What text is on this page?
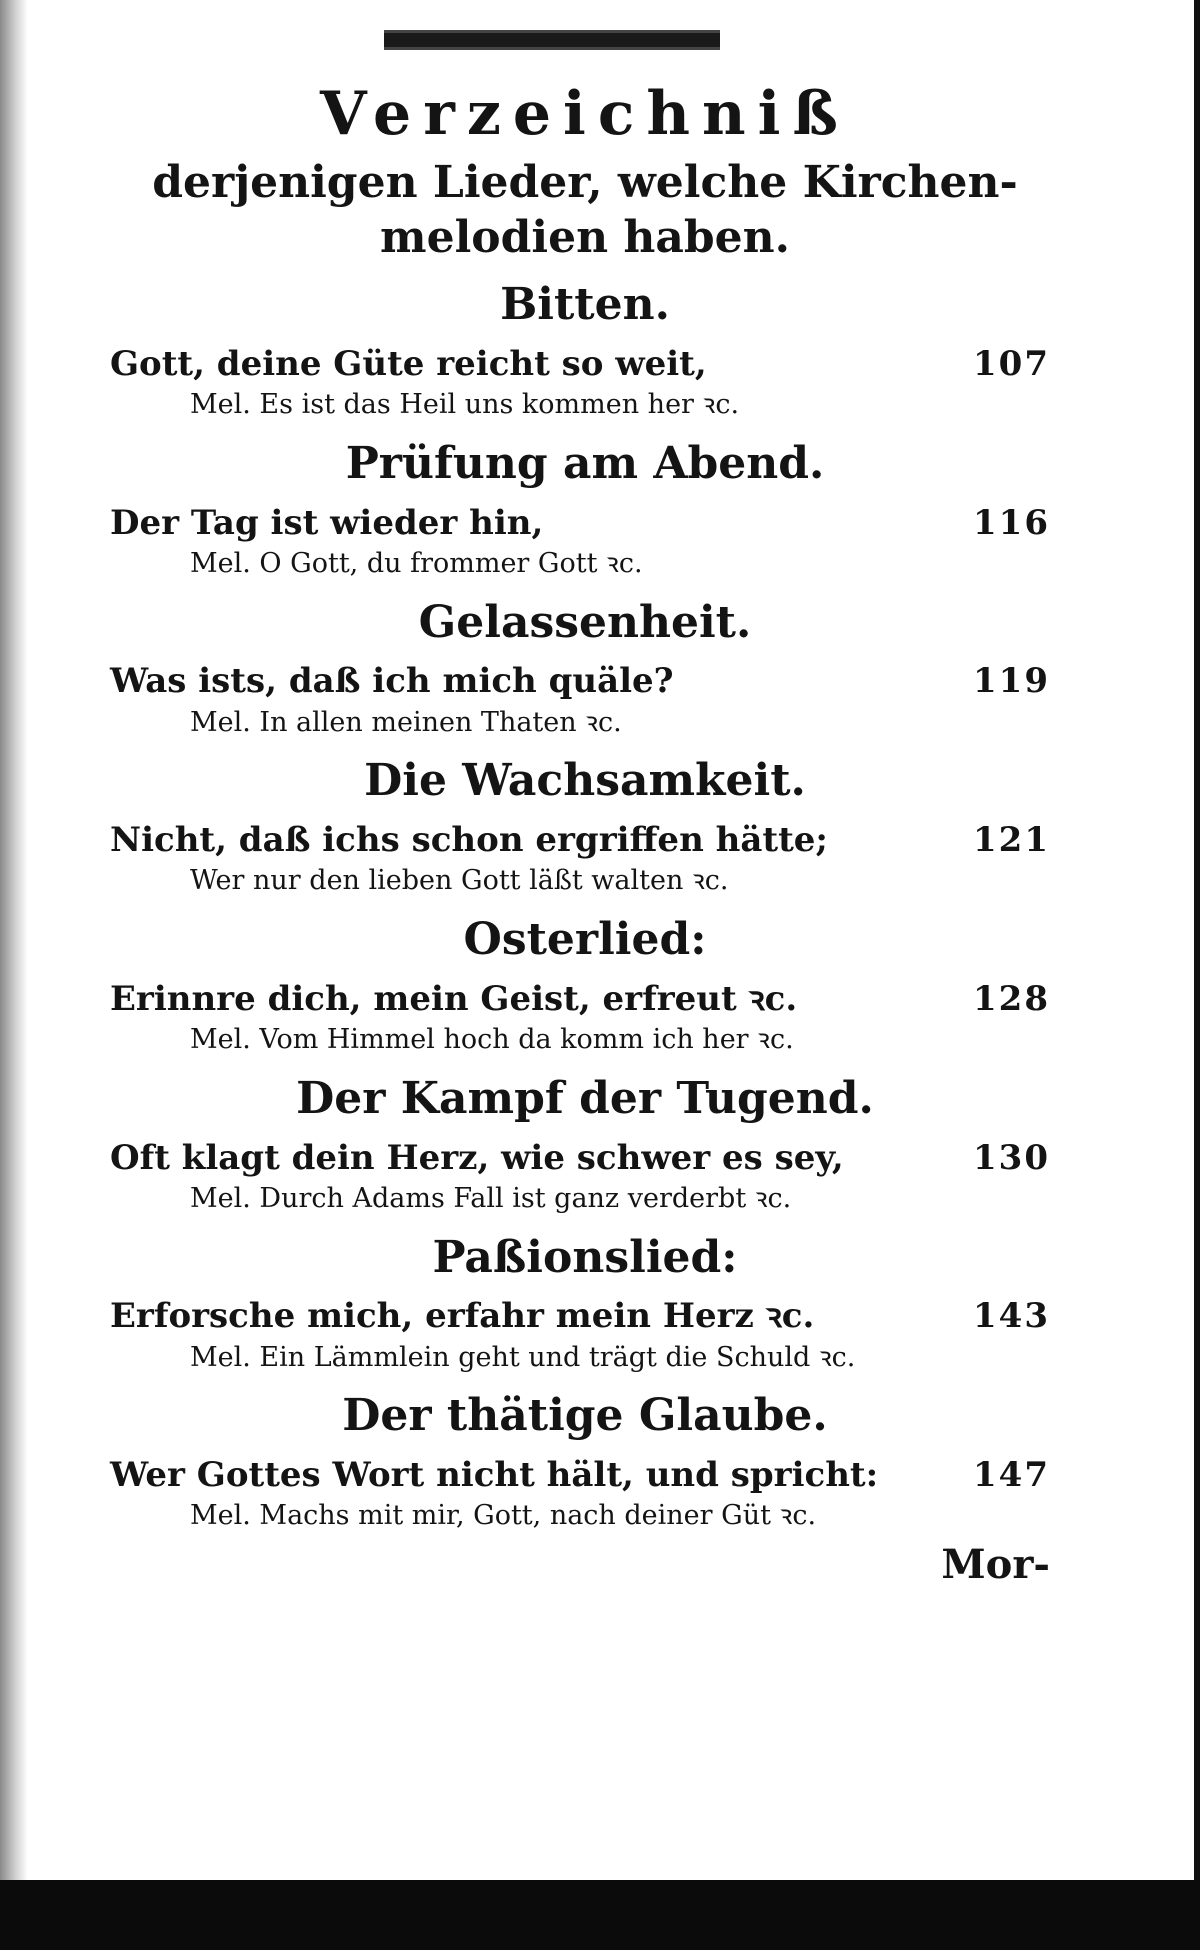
Verzeichniß
derjenigen Lieder, welche Kirchen- melodien haben.
Bitten.
Gott, deine Güte reicht so weit,	107
Mel. Es ist das Heil uns kommen her ꝛc.
Prüfung am Abend.
Der Tag ist wieder hin,	116
Mel. O Gott, du frommer Gott ꝛc.
Gelassenheit.
Was ists, daß ich mich quäle?	119
Mel. In allen meinen Thaten ꝛc.
Die Wachsamkeit.
Nicht, daß ichs schon ergriffen hätte;	121
Wer nur den lieben Gott läßt walten ꝛc.
Osterlied:
Erinnre dich, mein Geist, erfreut ꝛc.	128
Mel. Vom Himmel hoch da komm ich her ꝛc.
Der Kampf der Tugend.
Oft klagt dein Herz, wie schwer es sey,	130
Mel. Durch Adams Fall ist ganz verderbt ꝛc.
Paßionslied:
Erforsche mich, erfahr mein Herz ꝛc.	143
Mel. Ein Lämmlein geht und trägt die Schuld ꝛc.
Der thätige Glaube.
Wer Gottes Wort nicht hält, und spricht:	147
Mel. Machs mit mir, Gott, nach deiner Güt ꝛc.
Mor-
